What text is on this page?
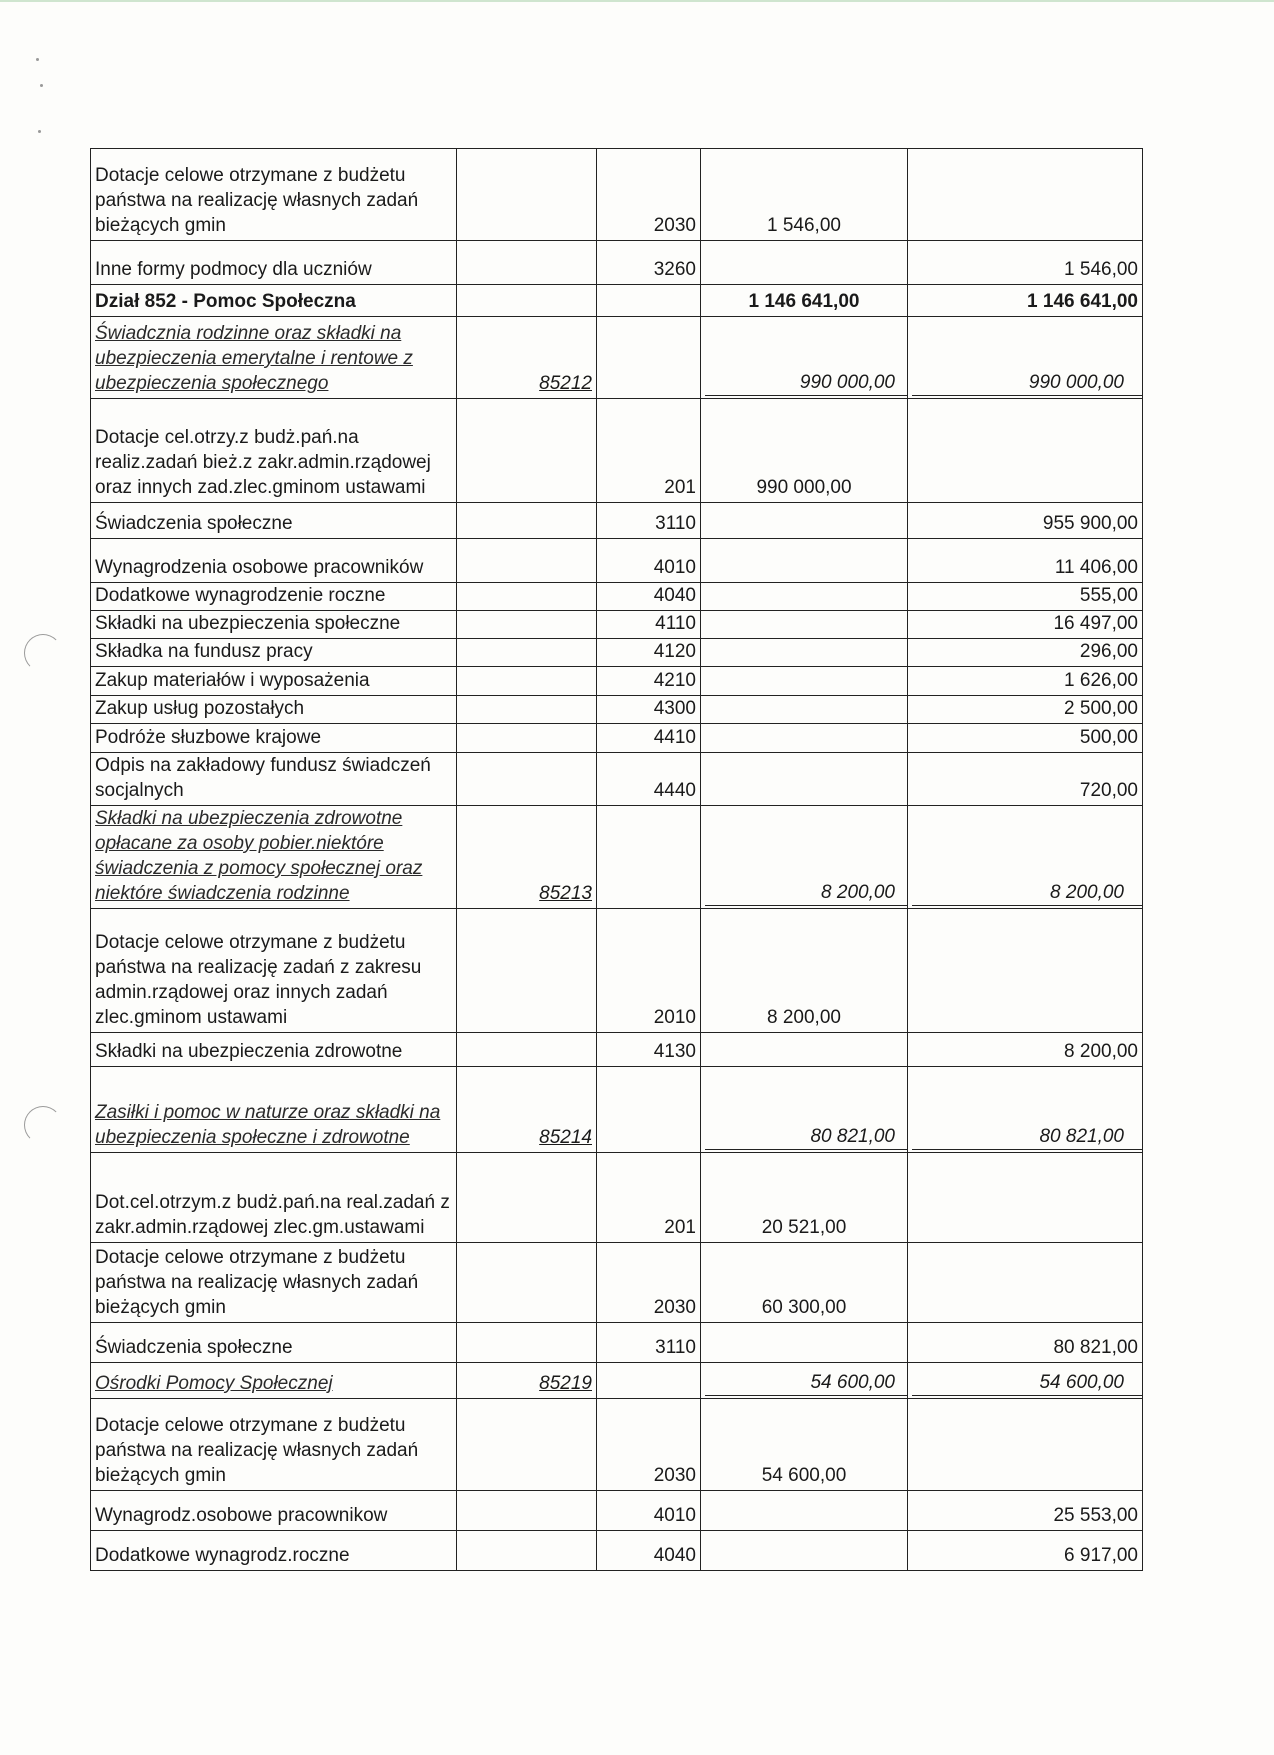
Dotacje celowe otrzymane z budżetu państwa na realizację własnych zadań bieżących gmin		2030	1 546,00	
Inne formy podmocy dla uczniów		3260		1 546,00
Dział 852 - Pomoc Społeczna			1 146 641,00	1 146 641,00
Świadcznia rodzinne oraz składki na ubezpieczenia emerytalne i rentowe z ubezpieczenia społecznego	85212		990 000,00	990 000,00
Dotacje cel.otrzy.z budż.pań.na realiz.zadań bież.z zakr.admin.rządowej oraz innych zad.zlec.gminom ustawami		201	990 000,00	
Świadczenia społeczne		3110		955 900,00
Wynagrodzenia osobowe pracowników		4010		11 406,00
Dodatkowe wynagrodzenie roczne		4040		555,00
Składki na ubezpieczenia społeczne		4110		16 497,00
Składka na fundusz pracy		4120		296,00
Zakup materiałów i wyposażenia		4210		1 626,00
Zakup usług pozostałych		4300		2 500,00
Podróże słuzbowe krajowe		4410		500,00
Odpis na zakładowy fundusz świadczeń socjalnych		4440		720,00
Składki na ubezpieczenia zdrowotne opłacane za osoby pobier.niektóre świadczenia z pomocy społecznej oraz niektóre świadczenia rodzinne	85213		8 200,00	8 200,00
Dotacje celowe otrzymane z budżetu państwa na realizację zadań z zakresu admin.rządowej oraz innych zadań zlec.gminom ustawami		2010	8 200,00	
Składki na ubezpieczenia zdrowotne		4130		8 200,00
Zasiłki i pomoc w naturze oraz składki na ubezpieczenia społeczne i zdrowotne	85214		80 821,00	80 821,00
Dot.cel.otrzym.z budż.pań.na real.zadań z zakr.admin.rządowej zlec.gm.ustawami		201	20 521,00	
Dotacje celowe otrzymane z budżetu państwa na realizację własnych zadań bieżących gmin		2030	60 300,00	
Świadczenia społeczne		3110		80 821,00
Ośrodki Pomocy Społecznej	85219		54 600,00	54 600,00
Dotacje celowe otrzymane z budżetu państwa na realizację własnych zadań bieżących gmin		2030	54 600,00	
Wynagrodz.osobowe pracownikow		4010		25 553,00
Dodatkowe wynagrodz.roczne		4040		6 917,00
